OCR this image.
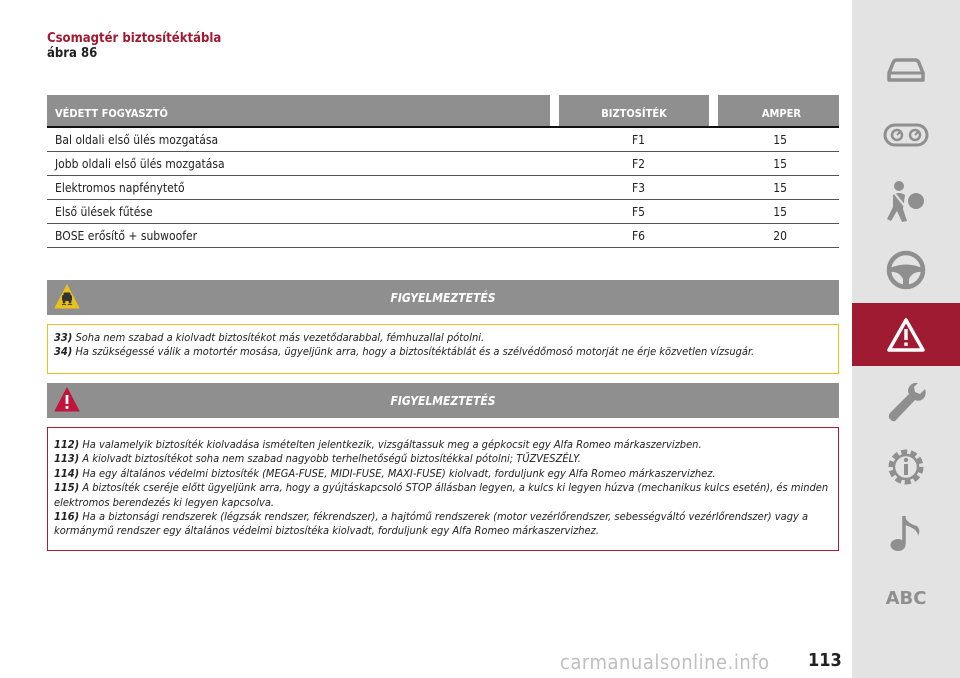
Csomagtér biztosítéktábla
ábra 86
VÉDETT FOGYASZTÓ	BIZTOSÍTÉK	AMPER
Bal oldali első ülés mozgatása	F1	15
Jobb oldali első ülés mozgatása	F2	15
Elektromos napfénytető	F3	15
Első ülések fűtése	F5	15
BOSE erősítő + subwoofer	F6	20
FIGYELMEZTETÉS

33) Soha nem szabad a kiolvadt biztosítékot más vezetődarabbal, fémhuzallal pótolni.

34) Ha szükségessé válik a motortér mosása, ügyeljünk arra, hogy a biztosítéktáblát és a szélvédőmosó motorját ne érje közvetlen vízsugár.

FIGYELMEZTETÉS

112) Ha valamelyik biztosíték kiolvadása ismételten jelentkezik, vizsgáltassuk meg a gépkocsit egy Alfa Romeo márkaszervizben.

113) A kiolvadt biztosítékot soha nem szabad nagyobb terhelhetőségű biztosítékkal pótolni; TŰZVESZÉLY.

114) Ha egy általános védelmi biztosíték (MEGA-FUSE, MIDI-FUSE, MAXI-FUSE) kiolvadt, forduljunk egy Alfa Romeo márkaszervizhez.

115) A biztosíték cseréje előtt ügyeljünk arra, hogy a gyújtáskapcsoló STOP állásban legyen, a kulcs ki legyen húzva (mechanikus kulcs esetén), és minden elektromos berendezés ki legyen kapcsolva.

116) Ha a biztonsági rendszerek (légzsák rendszer, fékrendszer), a hajtómű rendszerek (motor vezérlőrendszer, sebességváltó vezérlőrendszer) vagy a kormánymű rendszer egy általános védelmi biztosítéka kiolvadt, forduljunk egy Alfa Romeo márkaszervizhez.

carmanualsonline.info 113
ABC
